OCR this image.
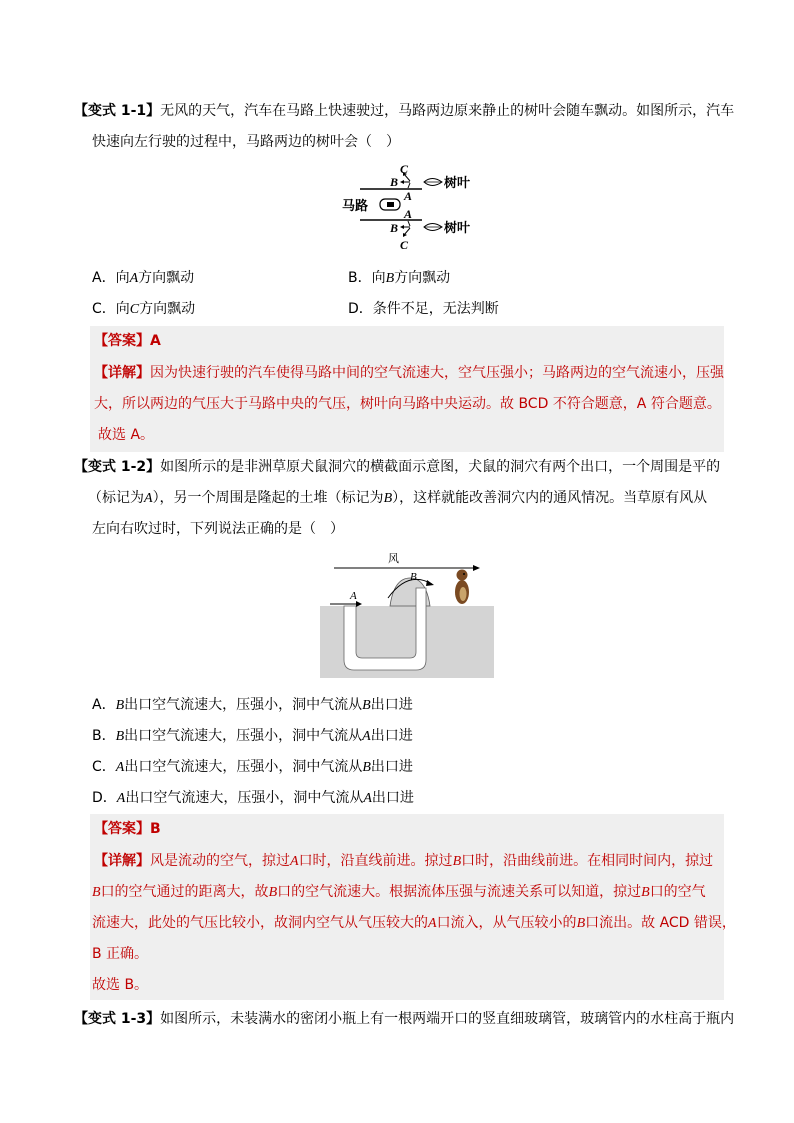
【变式 1-1】无风的天气，汽车在马路上快速驶过，马路两边原来静止的树叶会随车飘动。如图所示，汽车
快速向左行驶的过程中，马路两边的树叶会（　）
C
B
A
A
B
C
树叶
树叶
马路
A．向A方向飘动	B．向B方向飘动
C．向C方向飘动	D．条件不足，无法判断
【答案】A
【详解】因为快速行驶的汽车使得马路中间的空气流速大，空气压强小；马路两边的空气流速小，压强
大，所以两边的气压大于马路中央的气压，树叶向马路中央运动。故 BCD 不符合题意，A 符合题意。
故选 A。
【变式 1-2】如图所示的是非洲草原犬鼠洞穴的横截面示意图，犬鼠的洞穴有两个出口，一个周围是平的
（标记为A），另一个周围是隆起的土堆（标记为B），这样就能改善洞穴内的通风情况。当草原有风从
左向右吹过时，下列说法正确的是（　）
风
A
B
A．B出口空气流速大，压强小，洞中气流从B出口进
B．B出口空气流速大，压强小，洞中气流从A出口进
C．A出口空气流速大，压强小，洞中气流从B出口进
D．A出口空气流速大，压强小，洞中气流从A出口进
【答案】B
【详解】风是流动的空气，掠过A口时，沿直线前进。掠过B口时，沿曲线前进。在相同时间内，掠过
B口的空气通过的距离大，故B口的空气流速大。根据流体压强与流速关系可以知道，掠过B口的空气
流速大，此处的气压比较小，故洞内空气从气压较大的A口流入，从气压较小的B口流出。故 ACD 错误，
B 正确。
故选 B。
【变式 1-3】如图所示，未装满水的密闭小瓶上有一根两端开口的竖直细玻璃管，玻璃管内的水柱高于瓶内
